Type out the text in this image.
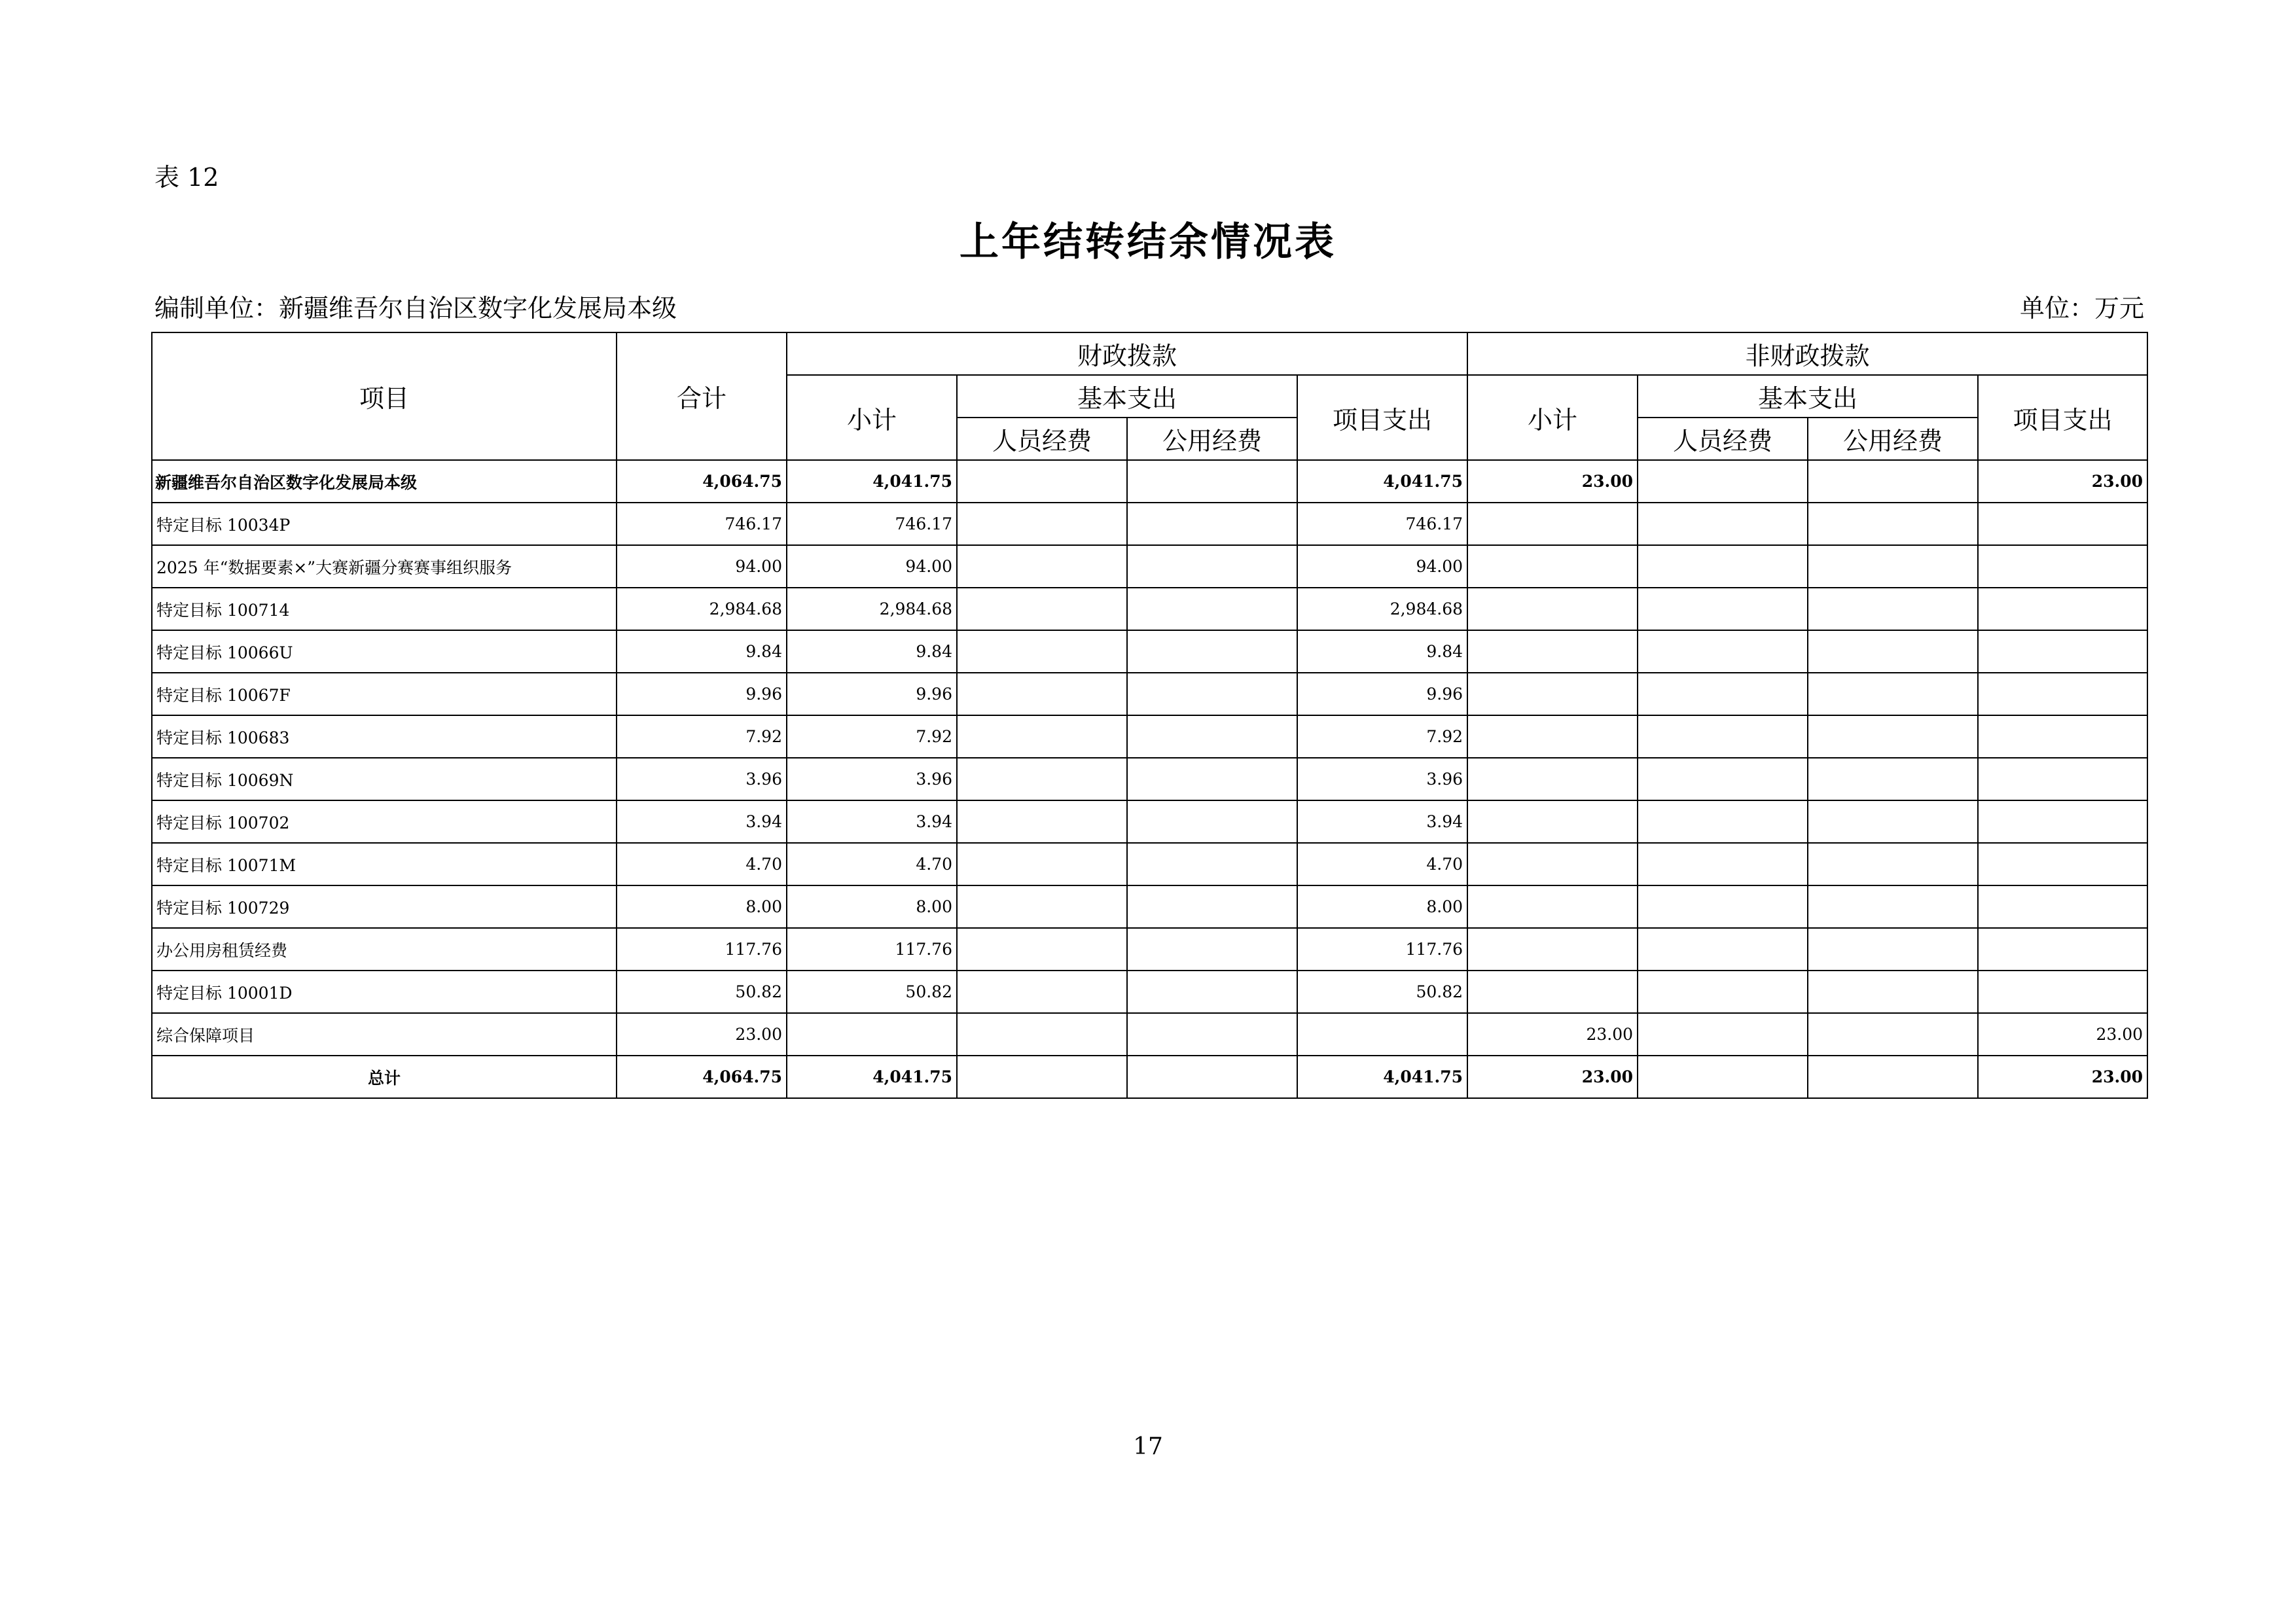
表 12
上年结转结余情况表
编制单位：新疆维吾尔自治区数字化发展局本级	单位：万元
项目	合计	财政拨款				非财政拨款			
		小计	基本支出		项目支出	小计	基本支出		项目支出
			人员经费	公用经费			人员经费	公用经费	
新疆维吾尔自治区数字化发展局本级	4,064.75	4,041.75			4,041.75	23.00			23.00
特定目标 10034P	746.17	746.17			746.17				
2025 年“数据要素×”大赛新疆分赛赛事组织服务	94.00	94.00			94.00				
特定目标 100714	2,984.68	2,984.68			2,984.68				
特定目标 10066U	9.84	9.84			9.84				
特定目标 10067F	9.96	9.96			9.96				
特定目标 100683	7.92	7.92			7.92				
特定目标 10069N	3.96	3.96			3.96				
特定目标 100702	3.94	3.94			3.94				
特定目标 10071M	4.70	4.70			4.70				
特定目标 100729	8.00	8.00			8.00				
办公用房租赁经费	117.76	117.76			117.76				
特定目标 10001D	50.82	50.82			50.82				
综合保障项目	23.00					23.00			23.00
总计	4,064.75	4,041.75			4,041.75	23.00			23.00
17
